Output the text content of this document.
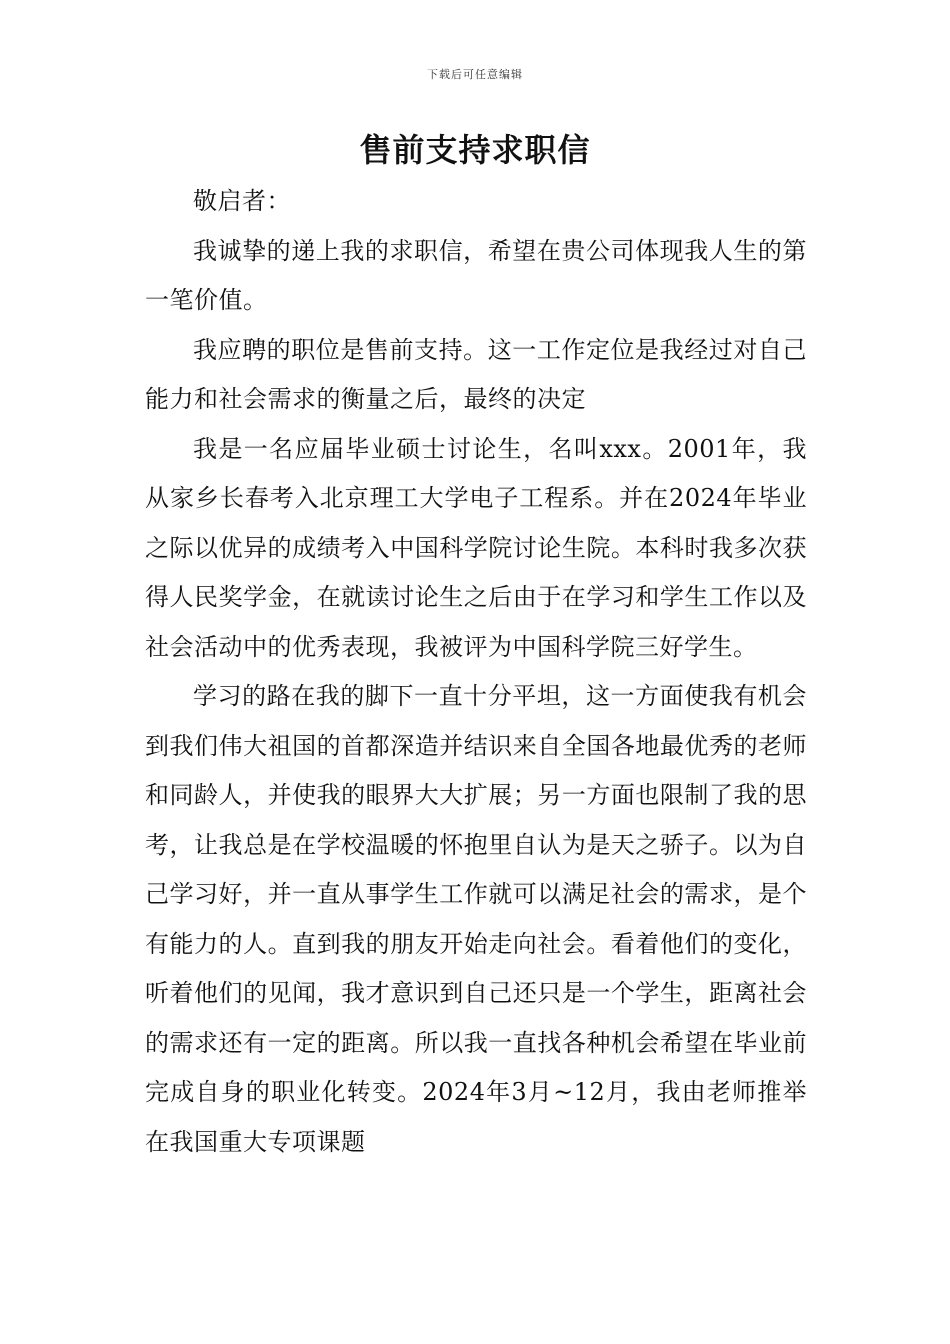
下载后可任意编辑
售前支持求职信

敬启者：

我诚挚的递上我的求职信，希望在贵公司体现我人生的第一笔价值。

我应聘的职位是售前支持。这一工作定位是我经过对自己能力和社会需求的衡量之后，最终的决定

我是一名应届毕业硕士讨论生，名叫xxx。2001年，我从家乡长春考入北京理工大学电子工程系。并在2024年毕业之际以优异的成绩考入中国科学院讨论生院。本科时我多次获得人民奖学金，在就读讨论生之后由于在学习和学生工作以及社会活动中的优秀表现，我被评为中国科学院三好学生。

学习的路在我的脚下一直十分平坦，这一方面使我有机会到我们伟大祖国的首都深造并结识来自全国各地最优秀的老师和同龄人，并使我的眼界大大扩展；另一方面也限制了我的思考，让我总是在学校温暖的怀抱里自认为是天之骄子。以为自己学习好，并一直从事学生工作就可以满足社会的需求，是个有能力的人。直到我的朋友开始走向社会。看着他们的变化，听着他们的见闻，我才意识到自己还只是一个学生，距离社会的需求还有一定的距离。所以我一直找各种机会希望在毕业前完成自身的职业化转变。2024年3月~12月，我由老师推举在我国重大专项课题
